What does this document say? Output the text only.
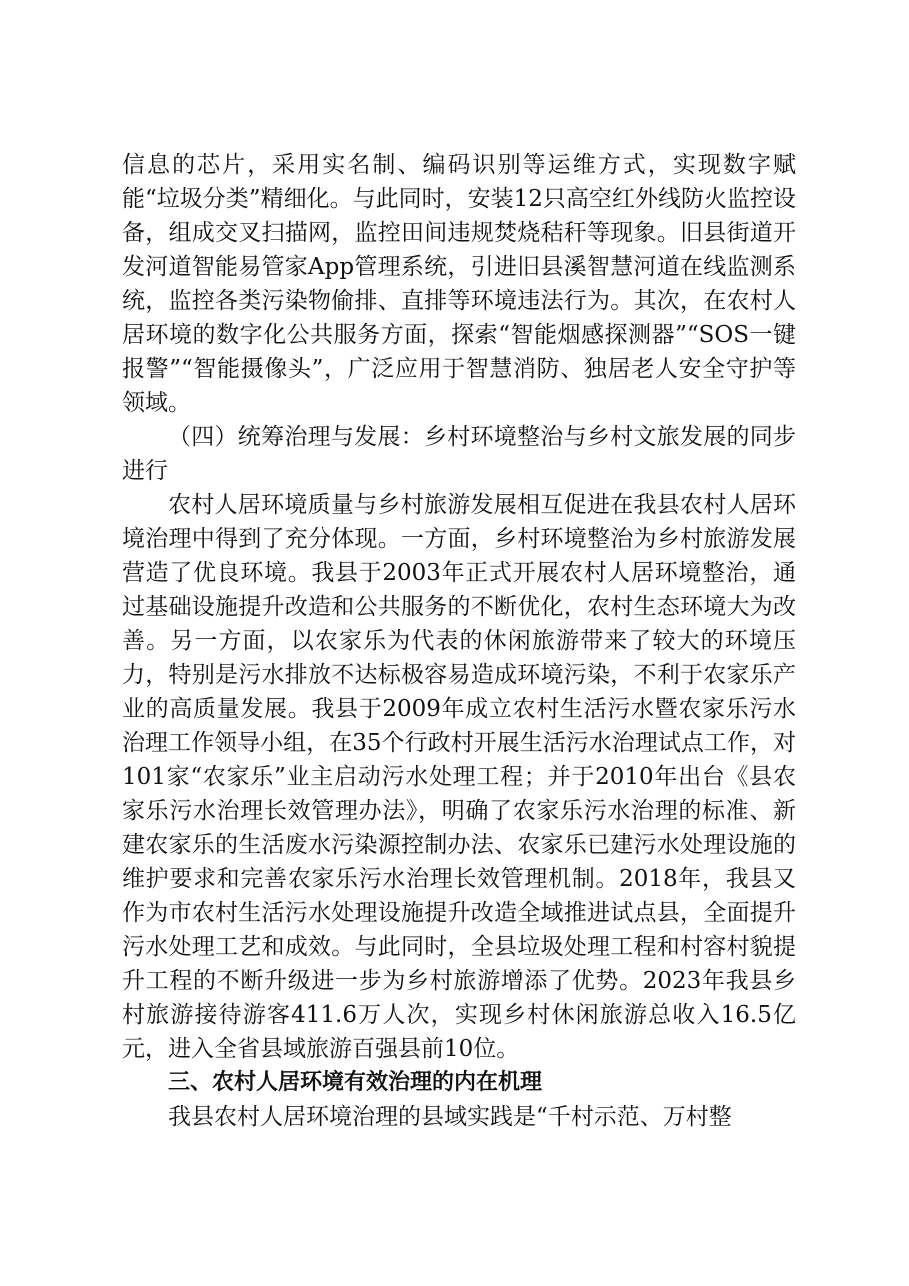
信息的芯片，采用实名制、编码识别等运维方式，实现数字赋能“垃圾分类”精细化。与此同时，安装12只高空红外线防火监控设备，组成交叉扫描网，监控田间违规焚烧秸秆等现象。旧县街道开发河道智能易管家App管理系统，引进旧县溪智慧河道在线监测系统，监控各类污染物偷排、直排等环境违法行为。其次，在农村人居环境的数字化公共服务方面，探索“智能烟感探测器”“SOS一键报警”“智能摄像头”，广泛应用于智慧消防、独居老人安全守护等领域。

（四）统筹治理与发展：乡村环境整治与乡村文旅发展的同步进行

农村人居环境质量与乡村旅游发展相互促进在我县农村人居环境治理中得到了充分体现。一方面，乡村环境整治为乡村旅游发展营造了优良环境。我县于2003年正式开展农村人居环境整治，通过基础设施提升改造和公共服务的不断优化，农村生态环境大为改善。另一方面，以农家乐为代表的休闲旅游带来了较大的环境压力，特别是污水排放不达标极容易造成环境污染，不利于农家乐产业的高质量发展。我县于2009年成立农村生活污水暨农家乐污水治理工作领导小组，在35个行政村开展生活污水治理试点工作，对101家“农家乐”业主启动污水处理工程；并于2010年出台《县农家乐污水治理长效管理办法》，明确了农家乐污水治理的标准、新建农家乐的生活废水污染源控制办法、农家乐已建污水处理设施的维护要求和完善农家乐污水治理长效管理机制。2018年，我县又作为市农村生活污水处理设施提升改造全域推进试点县，全面提升污水处理工艺和成效。与此同时，全县垃圾处理工程和村容村貌提升工程的不断升级进一步为乡村旅游增添了优势。2023年我县乡村旅游接待游客411.6万人次，实现乡村休闲旅游总收入16.5亿元，进入全省县域旅游百强县前10位。

三、农村人居环境有效治理的内在机理

我县农村人居环境治理的县域实践是“千村示范、万村整
